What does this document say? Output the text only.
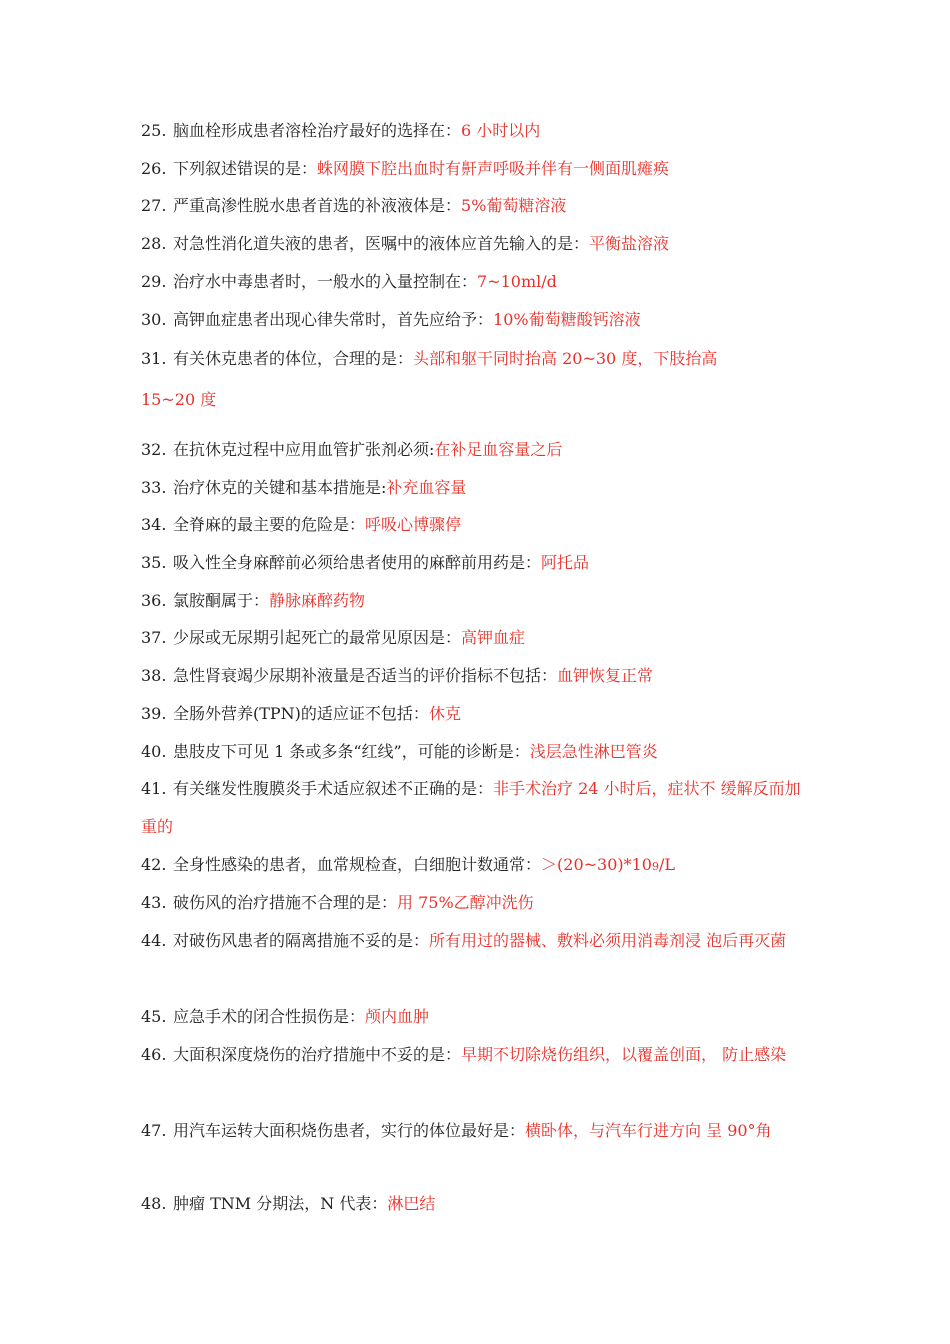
25. 脑血栓形成患者溶栓治疗最好的选择在：6 小时以内
26. 下列叙述错误的是：蛛网膜下腔出血时有鼾声呼吸并伴有一侧面肌瘫痪
27. 严重高渗性脱水患者首选的补液液体是：5%葡萄糖溶液
28. 对急性消化道失液的患者，医嘱中的液体应首先输入的是：平衡盐溶液
29. 治疗水中毒患者时，一般水的入量控制在：7~10ml/d
30. 高钾血症患者出现心律失常时，首先应给予：10%葡萄糖酸钙溶液
31. 有关休克患者的体位，合理的是：头部和躯干同时抬高 20~30 度，下肢抬高 15~20 度
32. 在抗休克过程中应用血管扩张剂必须:在补足血容量之后
33. 治疗休克的关键和基本措施是:补充血容量
34. 全脊麻的最主要的危险是：呼吸心博骤停
35. 吸入性全身麻醉前必须给患者使用的麻醉前用药是：阿托品
36. 氯胺酮属于：静脉麻醉药物
37. 少尿或无尿期引起死亡的最常见原因是：高钾血症
38. 急性肾衰竭少尿期补液量是否适当的评价指标不包括：血钾恢复正常
39. 全肠外营养(TPN)的适应证不包括：休克
40. 患肢皮下可见 1 条或多条“红线”，可能的诊断是：浅层急性淋巴管炎
41. 有关继发性腹膜炎手术适应叙述不正确的是：非手术治疗 24 小时后，症状不 缓解反而加重的
42. 全身性感染的患者，血常规检查，白细胞计数通常：＞(20~30)*109/L
43. 破伤风的治疗措施不合理的是：用 75%乙醇冲洗伤
44. 对破伤风患者的隔离措施不妥的是：所有用过的器械、敷料必须用消毒剂浸 泡后再灭菌
45. 应急手术的闭合性损伤是：颅内血肿
46. 大面积深度烧伤的治疗措施中不妥的是：早期不切除烧伤组织，以覆盖创面， 防止感染
47. 用汽车运转大面积烧伤患者，实行的体位最好是：横卧体，与汽车行进方向 呈 90°角
48. 肿瘤 TNM 分期法，N 代表：淋巴结
